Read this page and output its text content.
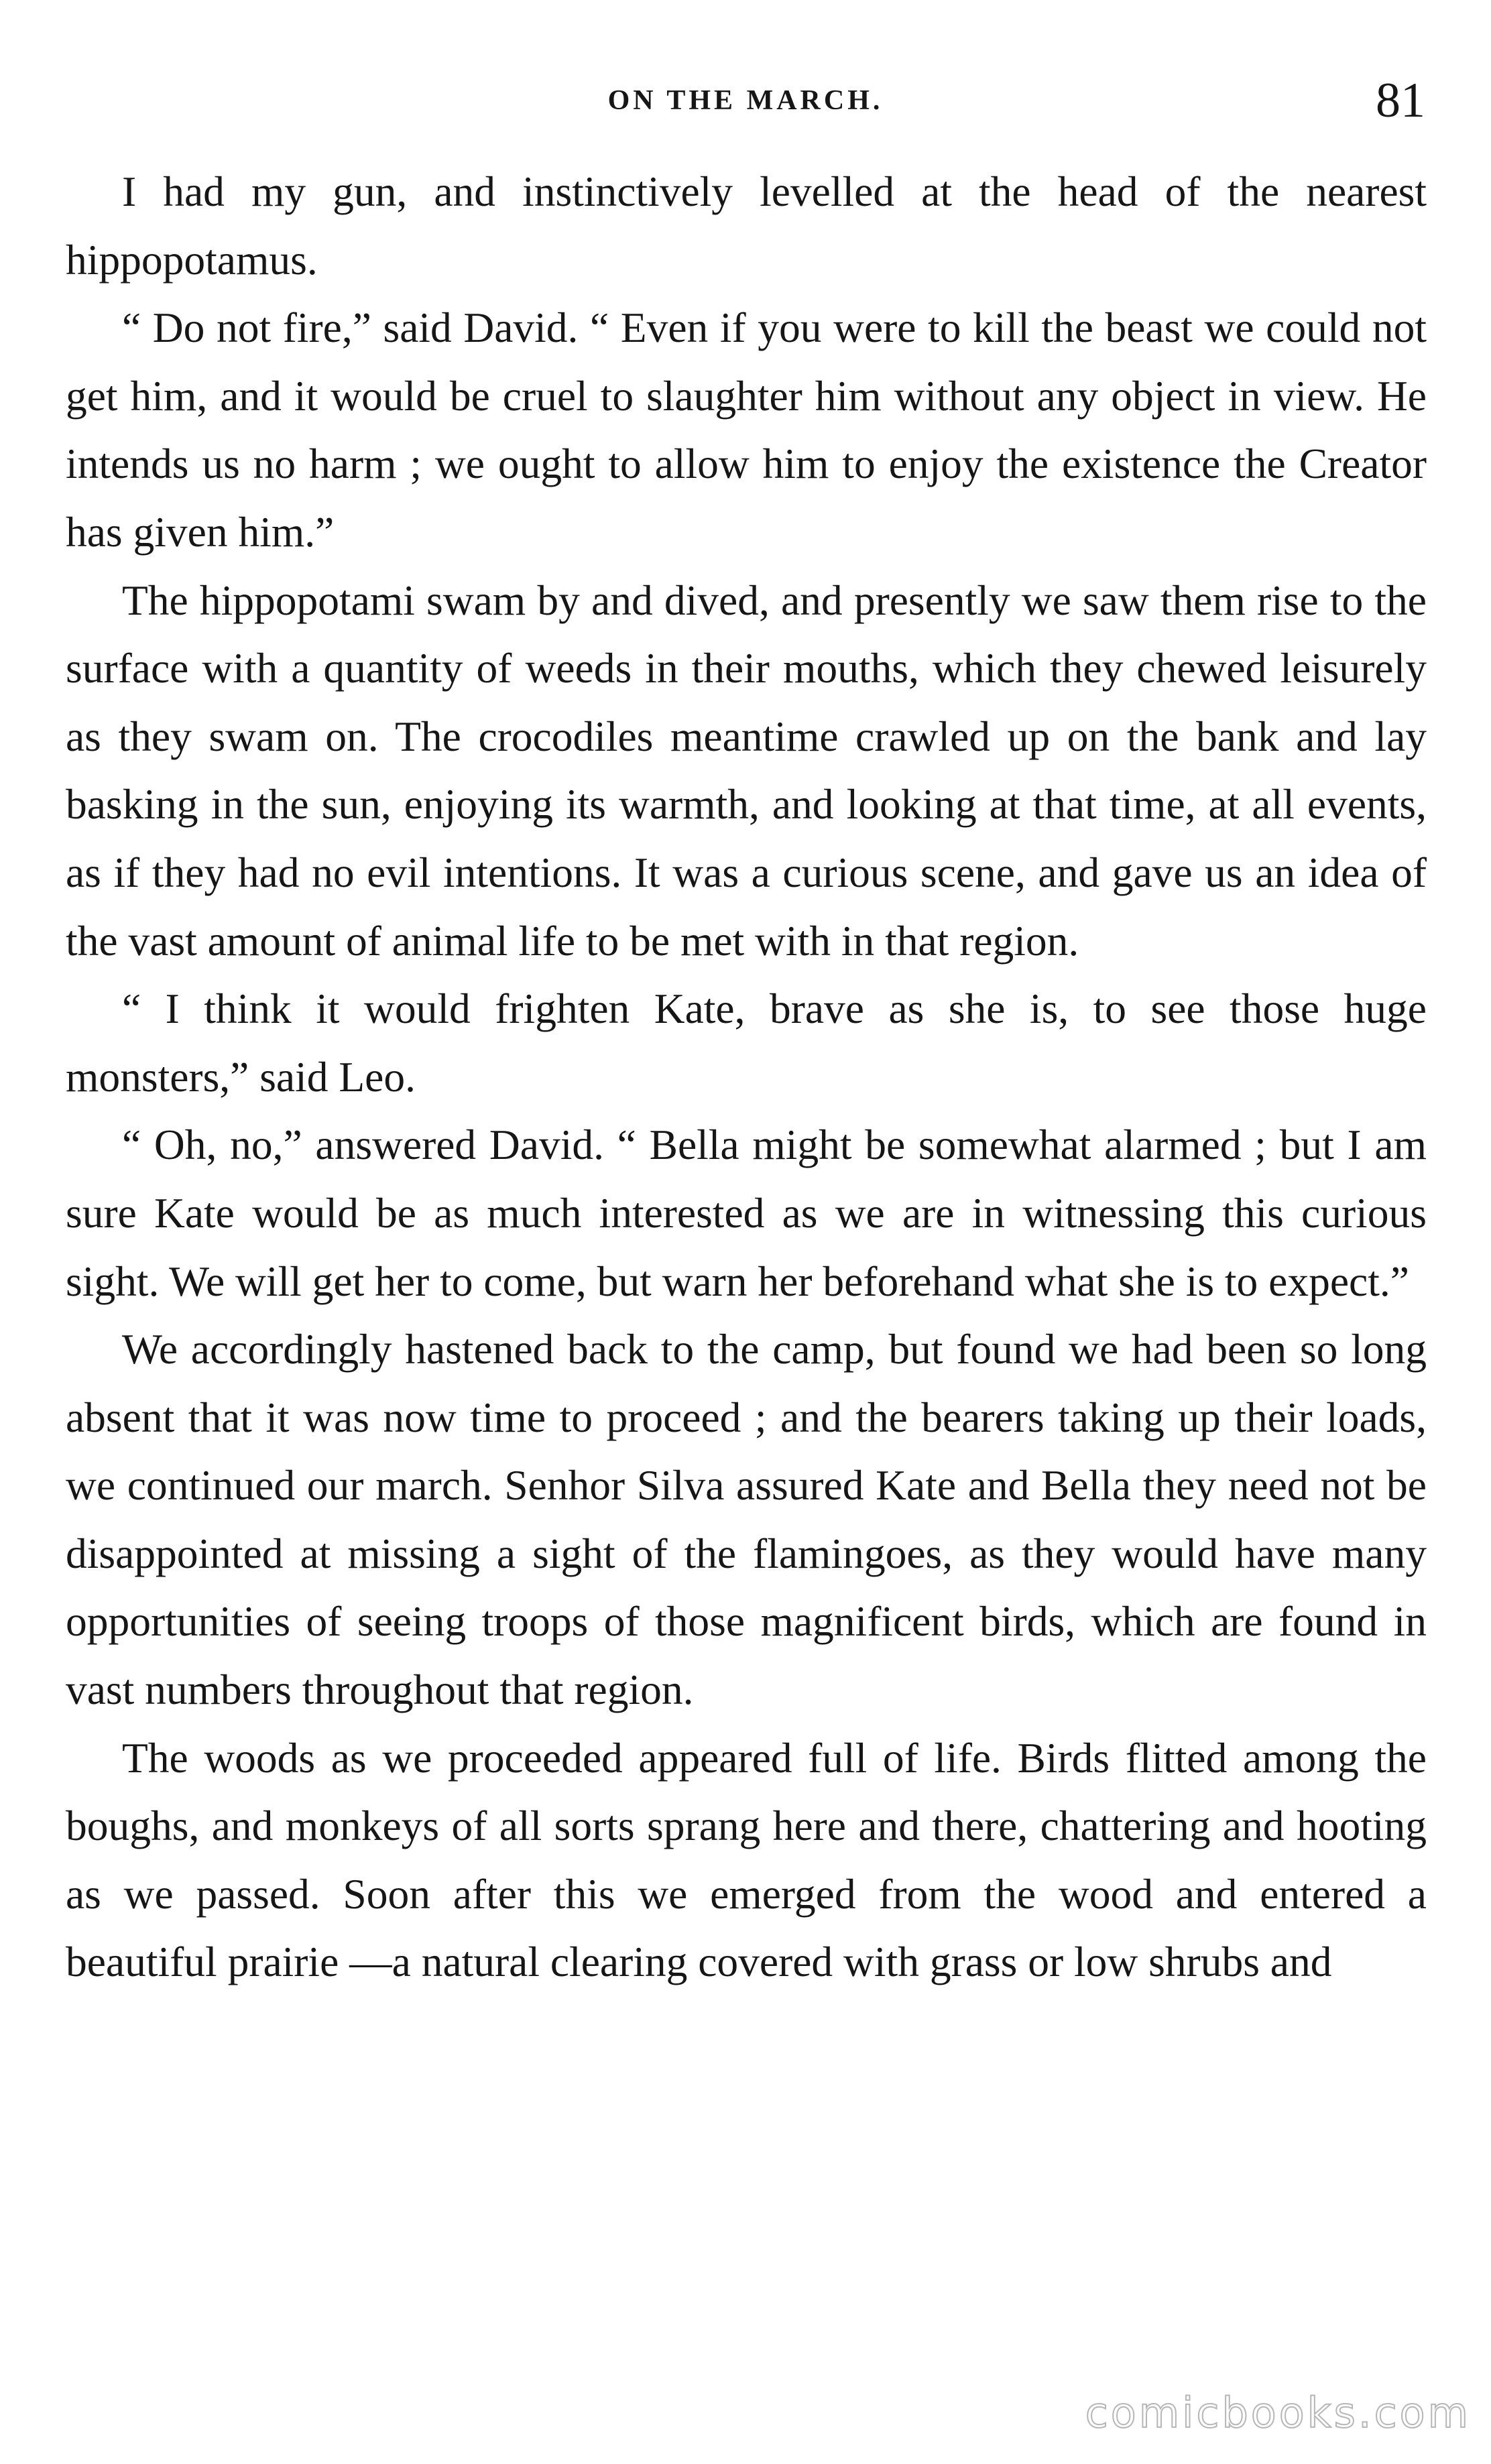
ON THE MARCH.	81

I had my gun, and instinctively levelled at the head of the nearest hippopotamus.

“ Do not fire,” said David. “ Even if you were to kill the beast we could not get him, and it would be cruel to slaughter him without any object in view. He intends us no harm ; we ought to allow him to enjoy the existence the Creator has given him.”

The hippopotami swam by and dived, and presently we saw them rise to the surface with a quantity of weeds in their mouths, which they chewed leisurely as they swam on. The crocodiles meantime crawled up on the bank and lay basking in the sun, enjoying its warmth, and looking at that time, at all events, as if they had no evil intentions. It was a curious scene, and gave us an idea of the vast amount of animal life to be met with in that region.

“ I think it would frighten Kate, brave as she is, to see those huge monsters,” said Leo.

“ Oh, no,” answered David. “ Bella might be somewhat alarmed ; but I am sure Kate would be as much interested as we are in witnessing this curious sight. We will get her to come, but warn her beforehand what she is to expect.”

We accordingly hastened back to the camp, but found we had been so long absent that it was now time to proceed ; and the bearers taking up their loads, we continued our march. Senhor Silva assured Kate and Bella they need not be disappointed at missing a sight of the flamingoes, as they would have many opportunities of seeing troops of those magnificent birds, which are found in vast numbers throughout that region.

The woods as we proceeded appeared full of life. Birds flitted among the boughs, and monkeys of all sorts sprang here and there, chattering and hooting as we passed. Soon after this we emerged from the wood and entered a beautiful prairie —a natural clearing covered with grass or low shrubs and

comicbooks.com
